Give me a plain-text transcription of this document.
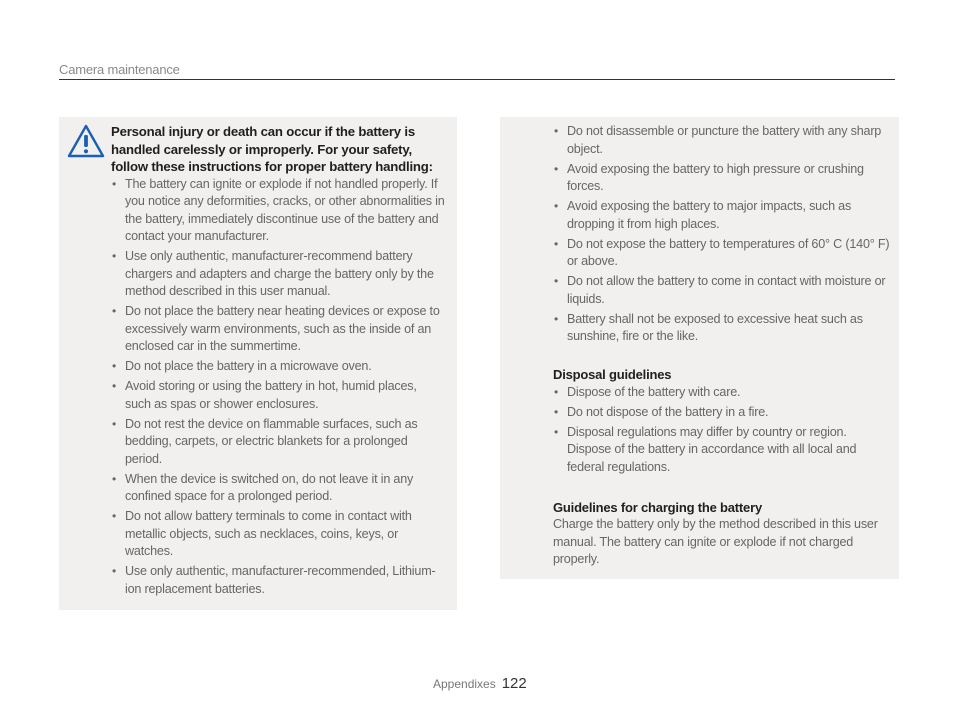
Camera maintenance
Personal injury or death can occur if the battery is handled carelessly or improperly. For your safety, follow these instructions for proper battery handling:
• The battery can ignite or explode if not handled properly. If you notice any deformities, cracks, or other abnormalities in the battery, immediately discontinue use of the battery and contact your manufacturer.
• Use only authentic, manufacturer-recommend battery chargers and adapters and charge the battery only by the method described in this user manual.
• Do not place the battery near heating devices or expose to excessively warm environments, such as the inside of an enclosed car in the summertime.
• Do not place the battery in a microwave oven.
• Avoid storing or using the battery in hot, humid places, such as spas or shower enclosures.
• Do not rest the device on flammable surfaces, such as bedding, carpets, or electric blankets for a prolonged period.
• When the device is switched on, do not leave it in any confined space for a prolonged period.
• Do not allow battery terminals to come in contact with metallic objects, such as necklaces, coins, keys, or watches.
• Use only authentic, manufacturer-recommended, Lithium-ion replacement batteries.
• Do not disassemble or puncture the battery with any sharp object.
• Avoid exposing the battery to high pressure or crushing forces.
• Avoid exposing the battery to major impacts, such as dropping it from high places.
• Do not expose the battery to temperatures of 60° C (140° F) or above.
• Do not allow the battery to come in contact with moisture or liquids.
• Battery shall not be exposed to excessive heat such as sunshine, fire or the like.
Disposal guidelines
• Dispose of the battery with care.
• Do not dispose of the battery in a fire.
• Disposal regulations may differ by country or region. Dispose of the battery in accordance with all local and federal regulations.
Guidelines for charging the battery
Charge the battery only by the method described in this user manual. The battery can ignite or explode if not charged properly.
Appendixes 122
